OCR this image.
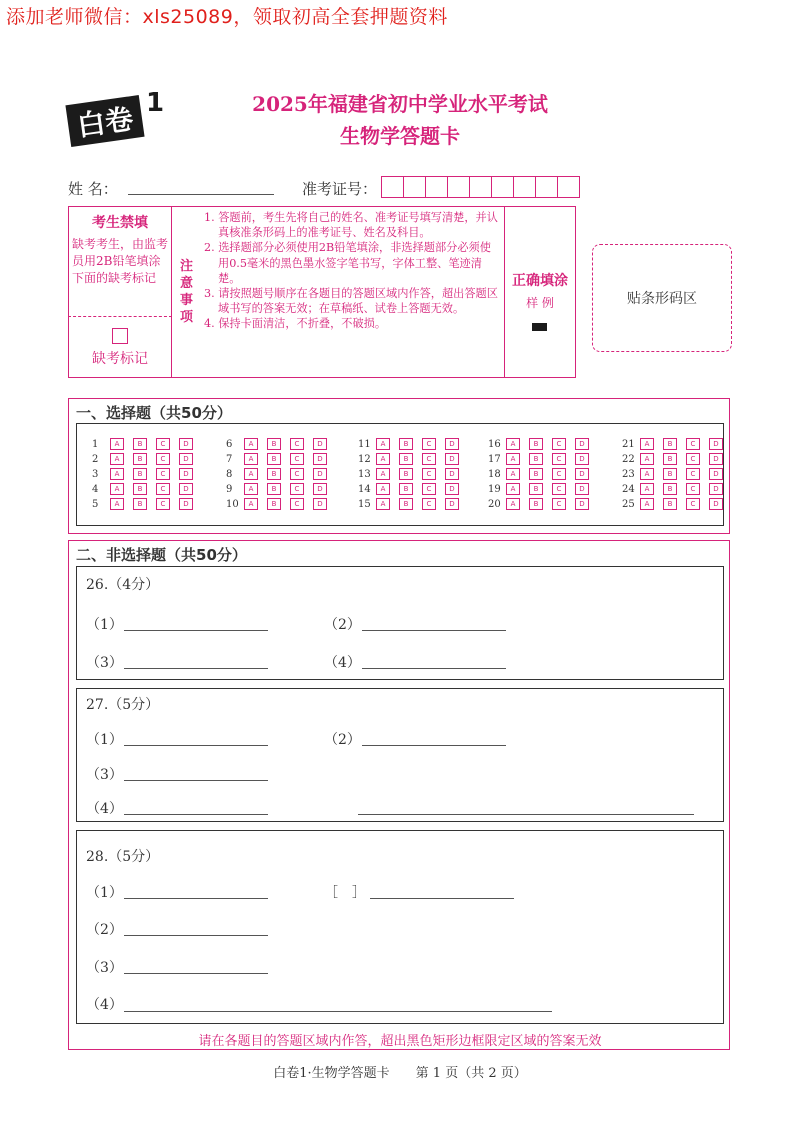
添加老师微信：xls25089，领取初高全套押题资料
白卷 1	2025年福建省初中学业水平考试
生物学答题卡
姓 名：	准考证号：
考生禁填
缺考考生，由监考员用2B铅笔填涂下面的缺考标记
缺考标记
注意事项

1. 答题前，考生先将自己的姓名、准考证号填写清楚，并认真核准条形码上的准考证号、姓名及科目。

2. 选择题部分必须使用2B铅笔填涂，非选择题部分必须使用0.5毫米的黑色墨水签字笔书写，字体工整、笔迹清楚。

3. 请按照题号顺序在各题目的答题区域内作答，超出答题区域书写的答案无效；在草稿纸、试卷上答题无效。

4. 保持卡面清洁，不折叠，不破损。

正确填涂
样 例	贴条形码区
一、选择题（共50分）
1	A	B	C	D
2	A	B	C	D
3	A	B	C	D
4	A	B	C	D
5	A	B	C	D
6	A	B	C	D
7	A	B	C	D
8	A	B	C	D
9	A	B	C	D
10	A	B	C	D
11	A	B	C	D
12	A	B	C	D
13	A	B	C	D
14	A	B	C	D
15	A	B	C	D
16	A	B	C	D
17	A	B	C	D
18	A	B	C	D
19	A	B	C	D
20	A	B	C	D
21	A	B	C	D
22	A	B	C	D
23	A	B	C	D
24	A	B	C	D
25	A	B	C	D
二、非选择题（共50分）
26.（4分）
（1）	（2）
（3）	（4）
27.（5分）
（1）	（2）
（3）
（4）
28.（5分）
（1）	［　］
（2）
（3）
（4）
请在各题目的答题区域内作答，超出黑色矩形边框限定区域的答案无效
白卷1·生物学答题卡　　第 1 页（共 2 页）
